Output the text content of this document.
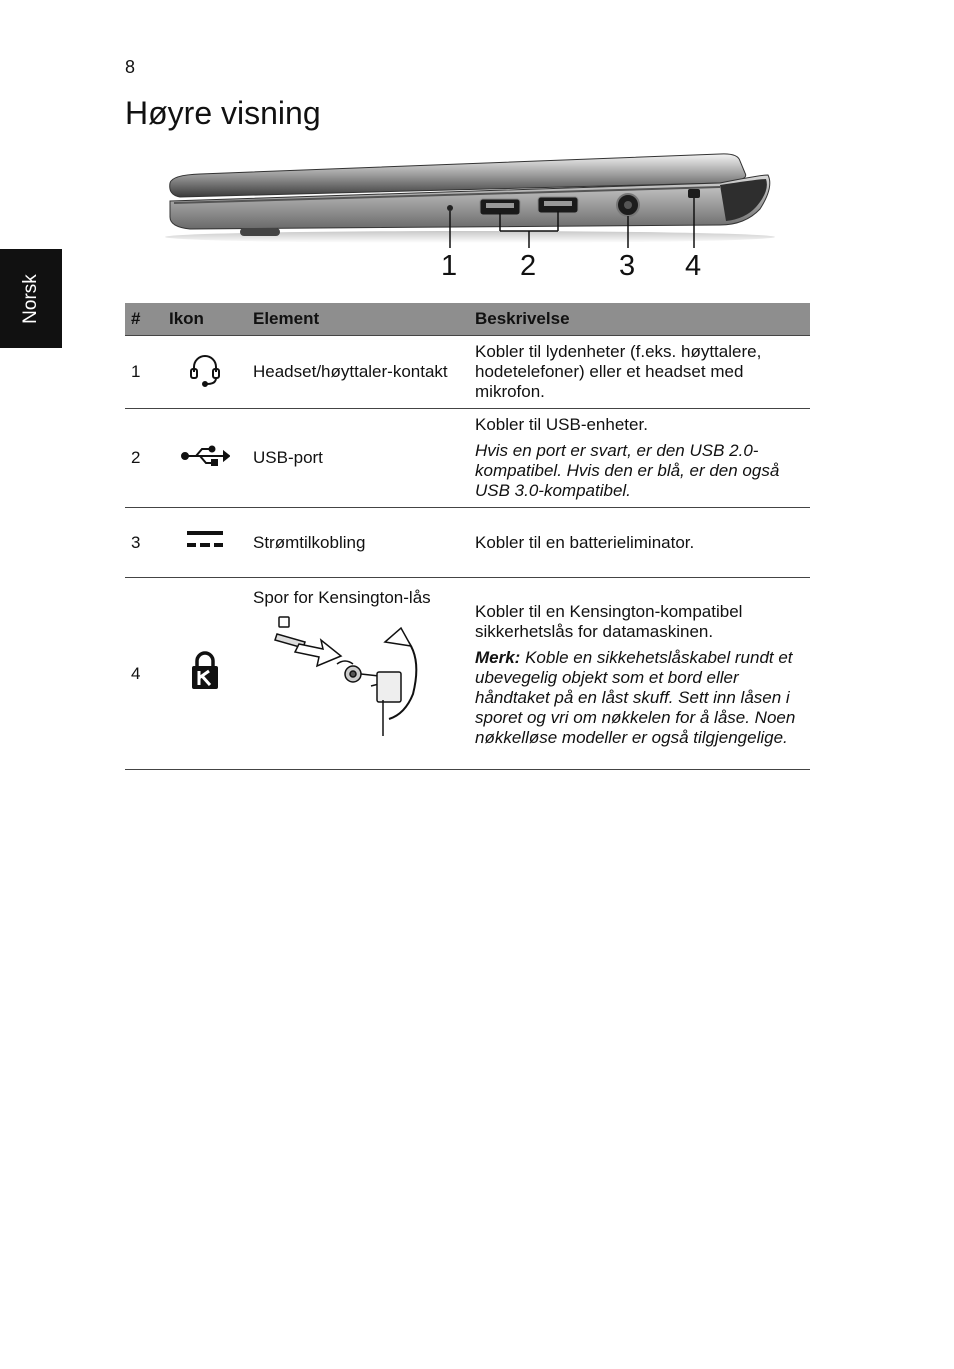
8
Høyre visning
Norsk
1 2	3 4
#	Ikon	Element	Beskrivelse
1		Headset/høyttaler-kontakt	Kobler til lydenheter (f.eks. høyttalere, hodetelefoner) eller et headset med mikrofon.

2		USB-port	Kobler til USB-enheter.

Hvis en port er svart, er den USB 2.0-kompatibel. Hvis den er blå, er den også USB 3.0-kompatibel.

3		Strømtilkobling	Kobler til en batterieliminator.

4		Spor for Kensington-lås	Kobler til en Kensington-kompatibel sikkerhetslås for datamaskinen.

Merk: Koble en sikkehetslåskabel rundt et ubevegelig objekt som et bord eller håndtaket på en låst skuff. Sett inn låsen i sporet og vri om nøkkelen for å låse. Noen nøkkelløse modeller er også tilgjengelige.
